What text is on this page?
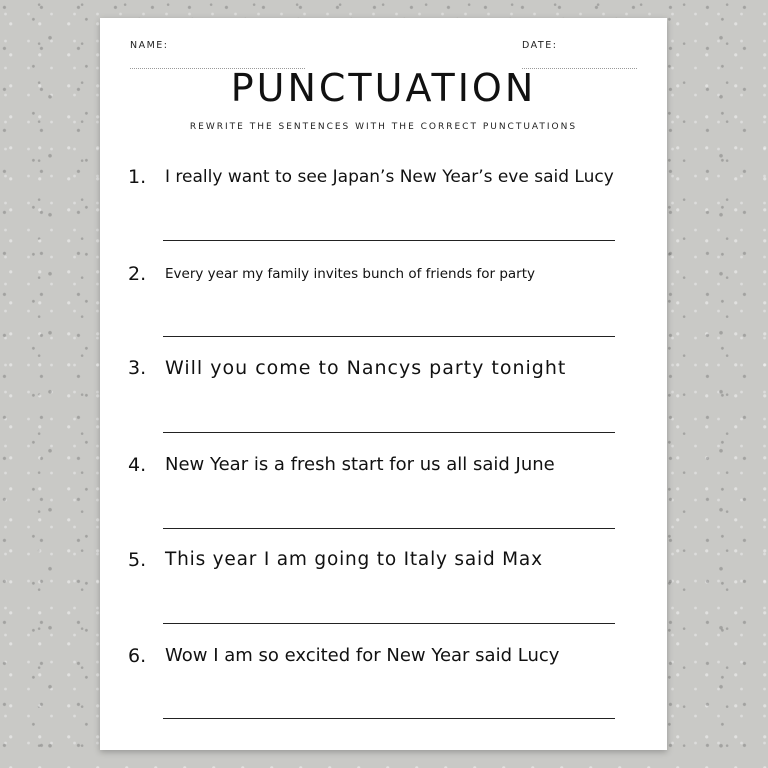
NAME:	DATE:
PUNCTUATION
REWRITE THE SENTENCES WITH THE CORRECT PUNCTUATIONS
1. I really want to see Japan’s New Year’s eve said Lucy
2. Every year my family invites bunch of friends for party
3. Will you come to Nancys party tonight
4. New Year is a fresh start for us all said June
5. This year I am going to Italy said Max
6. Wow I am so excited for New Year said Lucy
